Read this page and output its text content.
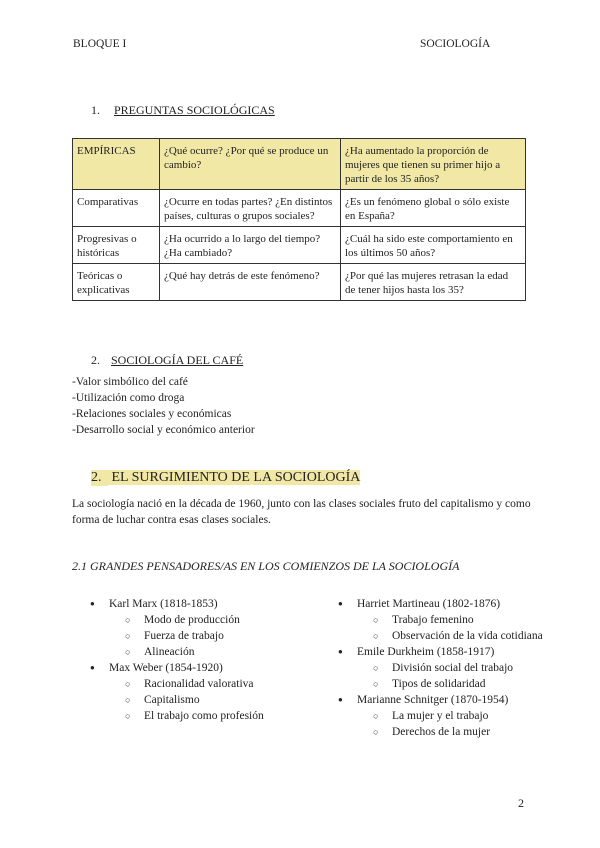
BLOQUE I	SOCIOLOGÍA
1. PREGUNTAS SOCIOLÓGICAS
EMPÍRICAS	¿Qué ocurre? ¿Por qué se produce un cambio?	¿Ha aumentado la proporción de mujeres que tienen su primer hijo a partir de los 35 años?
Comparativas	¿Ocurre en todas partes? ¿En distintos países, culturas o grupos sociales?	¿Es un fenómeno global o sólo existe en España?
Progresivas o históricas	¿Ha ocurrido a lo largo del tiempo?¿Ha cambiado?	¿Cuál ha sido este comportamiento en los últimos 50 años?
Teóricas o explicativas	¿Qué hay detrás de este fenómeno?	¿Por qué las mujeres retrasan la edad de tener hijos hasta los 35?
2. SOCIOLOGÍA DEL CAFÉ
-Valor simbólico del café
-Utilización como droga
-Relaciones sociales y económicas
-Desarrollo social y económico anterior
2. EL SURGIMIENTO DE LA SOCIOLOGÍA
La sociología nació en la década de 1960, junto con las clases sociales fruto del capitalismo y como forma de luchar contra esas clases sociales.
2.1 GRANDES PENSADORES/AS EN LOS COMIENZOS DE LA SOCIOLOGÍA
● Karl Marx (1818-1853)
○ Modo de producción
○ Fuerza de trabajo
○ Alineación
● Max Weber (1854-1920)
○ Racionalidad valorativa
○ Capitalismo
○ El trabajo como profesión
● Harriet Martineau (1802-1876)
○ Trabajo femenino
○ Observación de la vida cotidiana
● Emile Durkheim (1858-1917)
○ División social del trabajo
○ Tipos de solidaridad
● Marianne Schnitger (1870-1954)
○ La mujer y el trabajo
○ Derechos de la mujer
2
